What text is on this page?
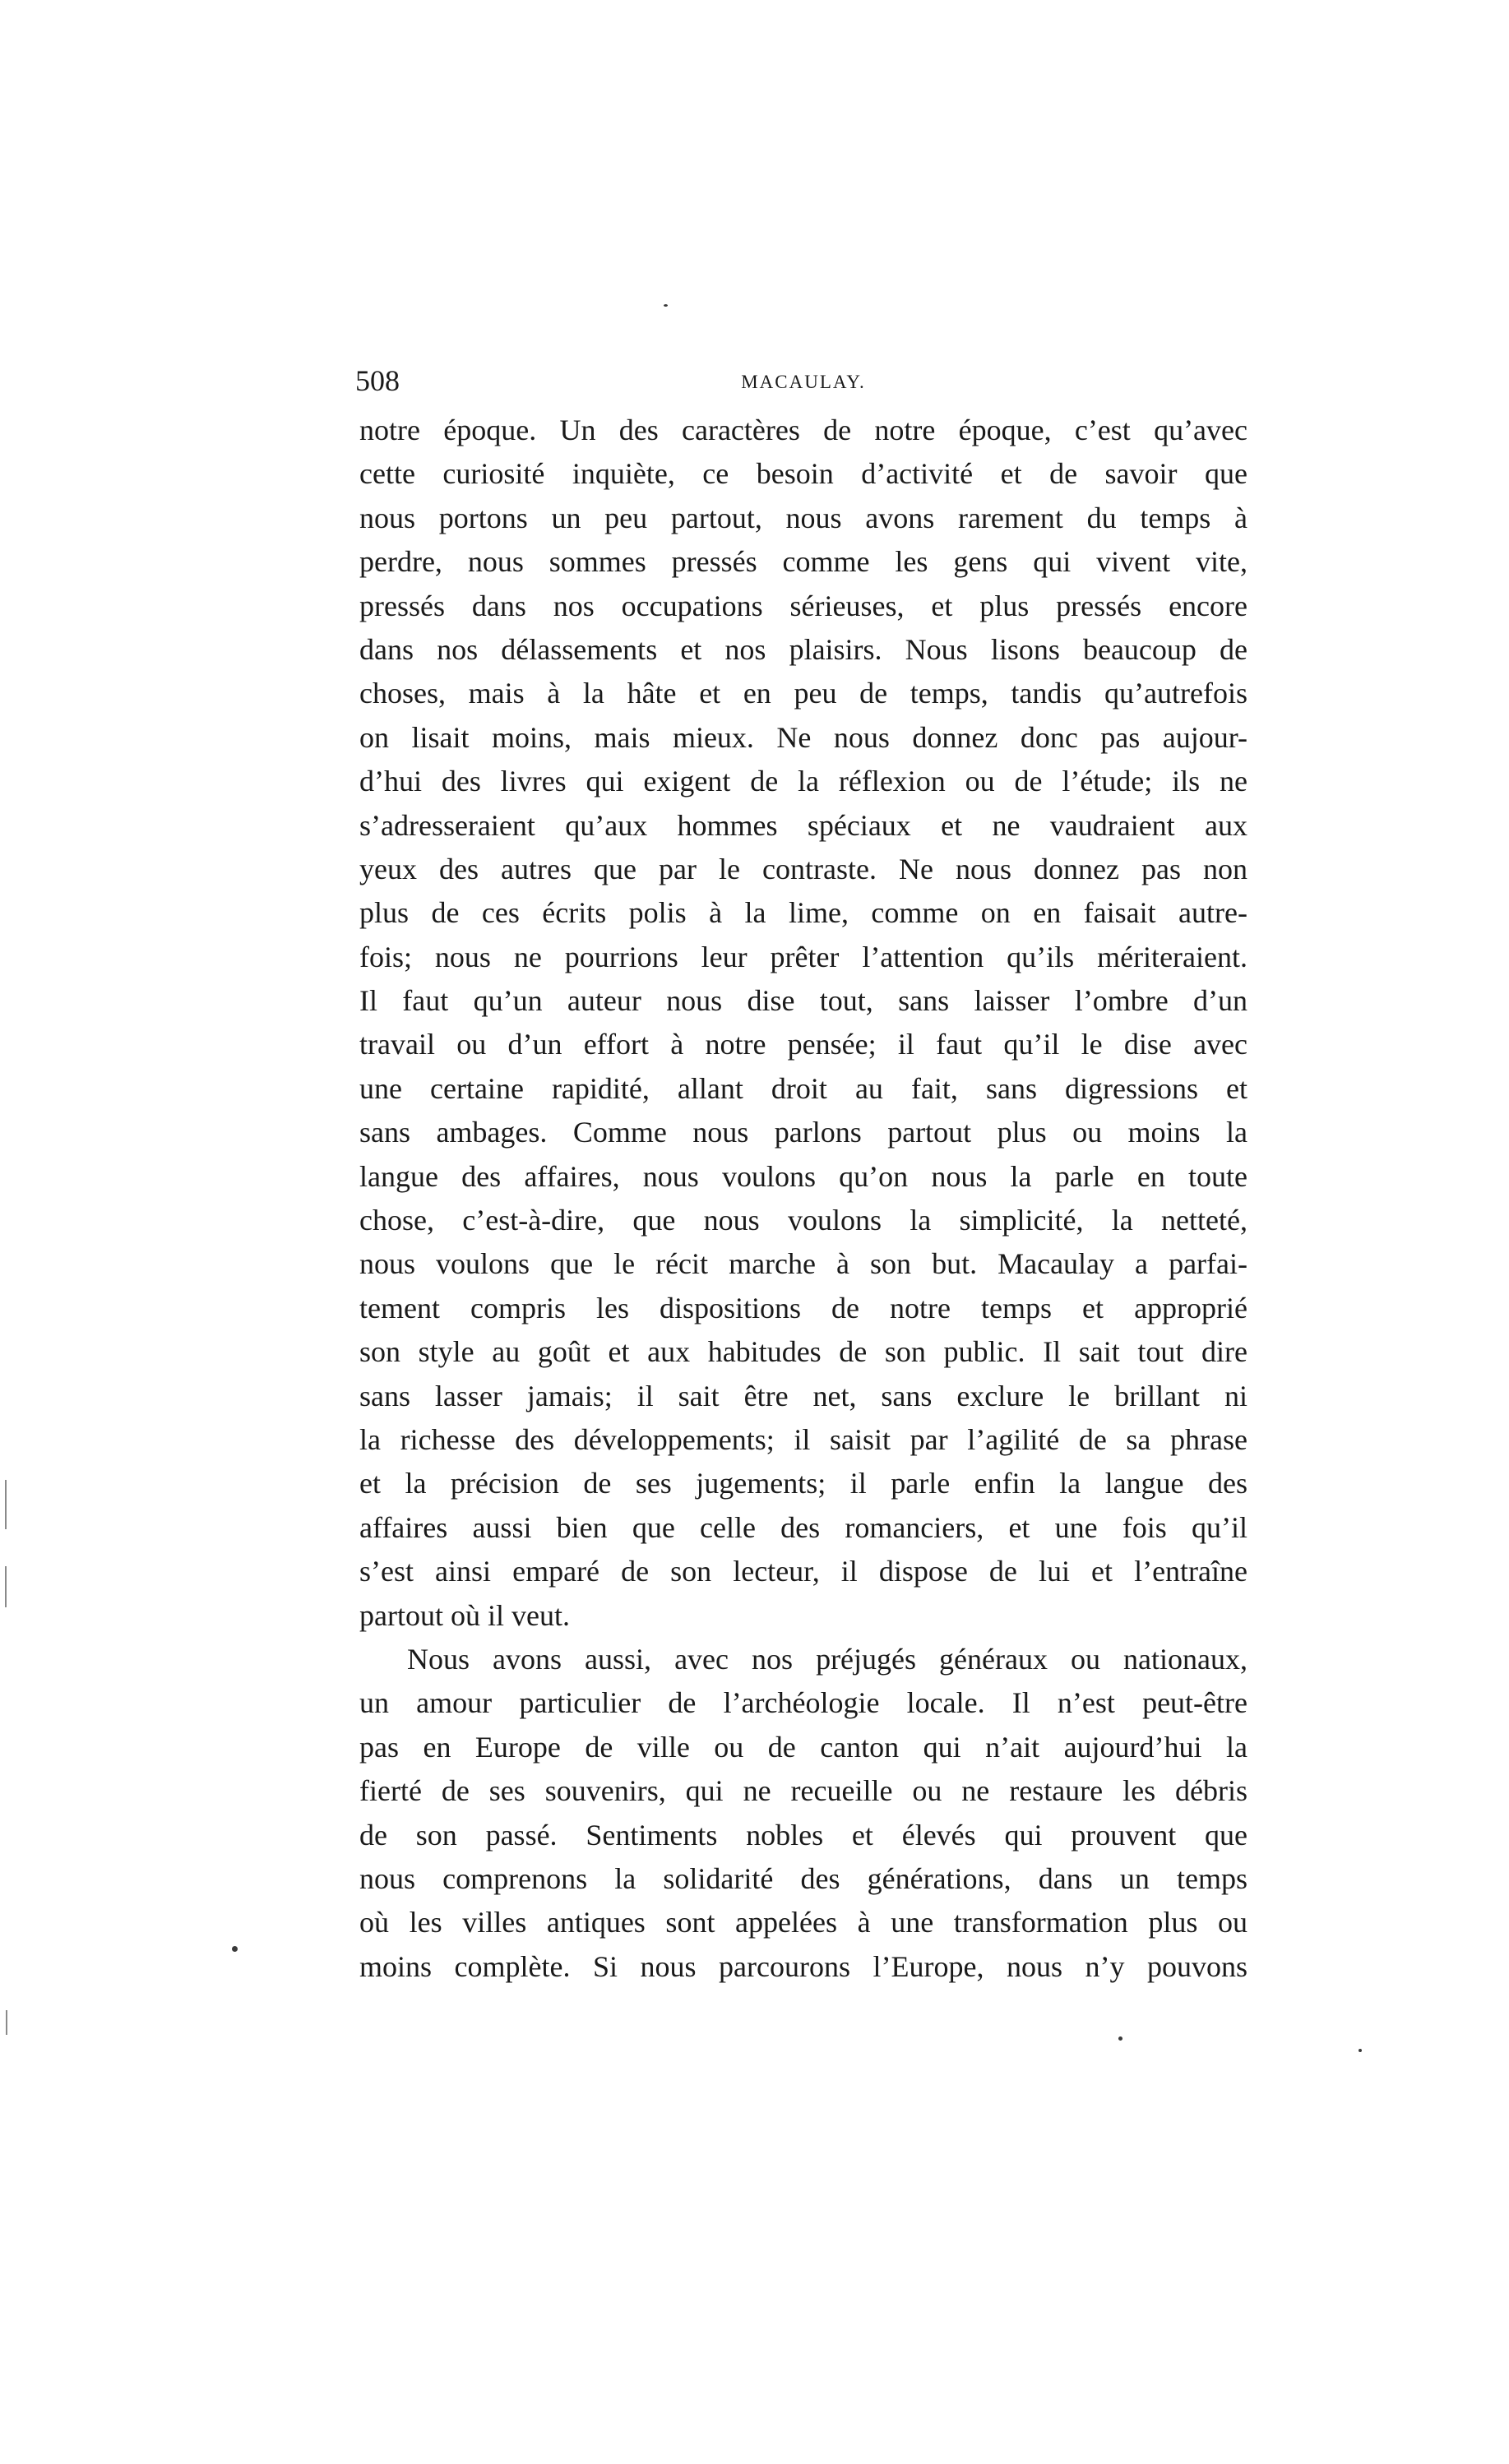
508	MACAULAY.
notre époque. Un des caractères de notre époque, c’est qu’avec
cette curiosité inquiète, ce besoin d’activité et de savoir que
nous portons un peu partout, nous avons rarement du temps à
perdre, nous sommes pressés comme les gens qui vivent vite,
pressés dans nos occupations sérieuses, et plus pressés encore
dans nos délassements et nos plaisirs. Nous lisons beaucoup de
choses, mais à la hâte et en peu de temps, tandis qu’autrefois
on lisait moins, mais mieux. Ne nous donnez donc pas aujour-
d’hui des livres qui exigent de la réflexion ou de l’étude; ils ne
s’adresseraient qu’aux hommes spéciaux et ne vaudraient aux
yeux des autres que par le contraste. Ne nous donnez pas non
plus de ces écrits polis à la lime, comme on en faisait autre-
fois; nous ne pourrions leur prêter l’attention qu’ils mériteraient.
Il faut qu’un auteur nous dise tout, sans laisser l’ombre d’un
travail ou d’un effort à notre pensée; il faut qu’il le dise avec
une certaine rapidité, allant droit au fait, sans digressions et
sans ambages. Comme nous parlons partout plus ou moins la
langue des affaires, nous voulons qu’on nous la parle en toute
chose, c’est-à-dire, que nous voulons la simplicité, la netteté,
nous voulons que le récit marche à son but. Macaulay a parfai-
tement compris les dispositions de notre temps et approprié
son style au goût et aux habitudes de son public. Il sait tout dire
sans lasser jamais; il sait être net, sans exclure le brillant ni
la richesse des développements; il saisit par l’agilité de sa phrase
et la précision de ses jugements; il parle enfin la langue des
affaires aussi bien que celle des romanciers, et une fois qu’il
s’est ainsi emparé de son lecteur, il dispose de lui et l’entraîne
partout où il veut.
Nous avons aussi, avec nos préjugés généraux ou nationaux,
un amour particulier de l’archéologie locale. Il n’est peut-être
pas en Europe de ville ou de canton qui n’ait aujourd’hui la
fierté de ses souvenirs, qui ne recueille ou ne restaure les débris
de son passé. Sentiments nobles et élevés qui prouvent que
nous comprenons la solidarité des générations, dans un temps
où les villes antiques sont appelées à une transformation plus ou
moins complète. Si nous parcourons l’Europe, nous n’y pouvons
